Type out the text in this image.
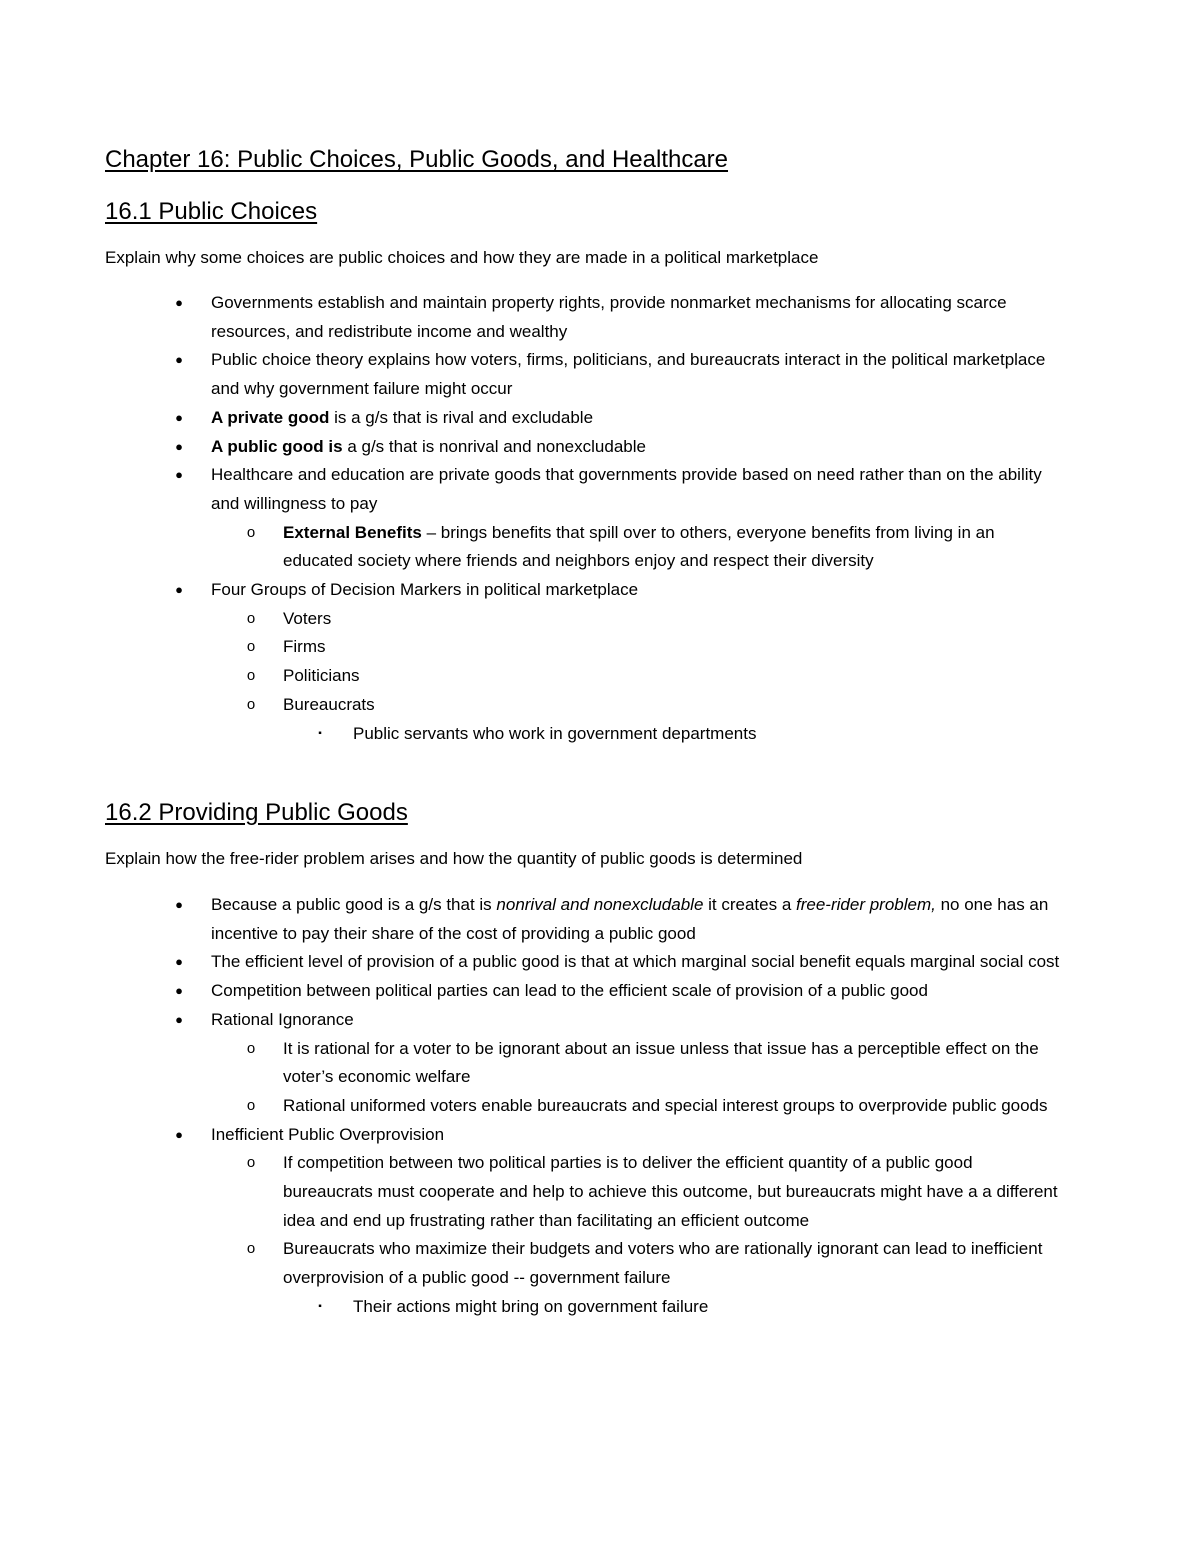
Chapter 16: Public Choices, Public Goods, and Healthcare
16.1 Public Choices

Explain why some choices are public choices and how they are made in a political marketplace

● Governments establish and maintain property rights, provide nonmarket mechanisms for allocating scarce resources, and redistribute income and wealthy
● Public choice theory explains how voters, firms, politicians, and bureaucrats interact in the political marketplace and why government failure might occur
● A private good is a g/s that is rival and excludable
● A public good is a g/s that is nonrival and nonexcludable
● Healthcare and education are private goods that governments provide based on need rather than on the ability and willingness to pay
o External Benefits – brings benefits that spill over to others, everyone benefits from living in an educated society where friends and neighbors enjoy and respect their diversity
● Four Groups of Decision Markers in political marketplace
o Voters
o Firms
o Politicians
o Bureaucrats
▪ Public servants who work in government departments
16.2 Providing Public Goods

Explain how the free-rider problem arises and how the quantity of public goods is determined

● Because a public good is a g/s that is nonrival and nonexcludable it creates a free-rider problem, no one has an incentive to pay their share of the cost of providing a public good
● The efficient level of provision of a public good is that at which marginal social benefit equals marginal social cost
● Competition between political parties can lead to the efficient scale of provision of a public good
● Rational Ignorance
o It is rational for a voter to be ignorant about an issue unless that issue has a perceptible effect on the voter’s economic welfare
o Rational uniformed voters enable bureaucrats and special interest groups to overprovide public goods
● Inefficient Public Overprovision
o If competition between two political parties is to deliver the efficient quantity of a public good bureaucrats must cooperate and help to achieve this outcome, but bureaucrats might have a a different idea and end up frustrating rather than facilitating an efficient outcome
o Bureaucrats who maximize their budgets and voters who are rationally ignorant can lead to inefficient overprovision of a public good -- government failure
▪ Their actions might bring on government failure
